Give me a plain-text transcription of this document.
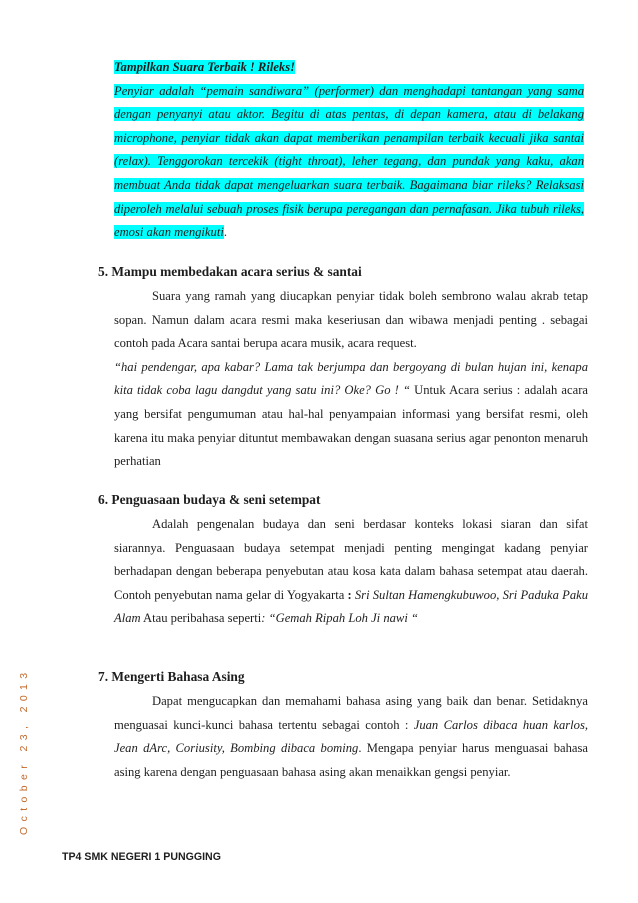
Tampilkan Suara Terbaik ! Rileks!
Penyiar adalah “pemain sandiwara” (performer) dan menghadapi tantangan yang sama dengan penyanyi atau aktor. Begitu di atas pentas, di depan kamera, atau di belakang microphone, penyiar tidak akan dapat memberikan penampilan terbaik kecuali jika santai (relax). Tenggorokan tercekik (tight throat), leher tegang, dan pundak yang kaku, akan membuat Anda tidak dapat mengeluarkan suara terbaik. Bagaimana biar rileks? Relaksasi diperoleh melalui sebuah proses fisik berupa peregangan dan pernafasan. Jika tubuh rileks, emosi akan mengikuti.
5. Mampu membedakan acara serius & santai
Suara yang ramah yang diucapkan penyiar tidak boleh sembrono walau akrab tetap sopan. Namun dalam acara resmi maka keseriusan dan wibawa menjadi penting . sebagai contoh pada Acara santai berupa acara musik, acara request.
“hai pendengar, apa kabar? Lama tak berjumpa dan bergoyang di bulan hujan ini, kenapa kita tidak coba lagu dangdut yang satu ini? Oke? Go ! “ Untuk Acara serius : adalah acara yang bersifat pengumuman atau hal-hal penyampaian informasi yang bersifat resmi, oleh karena itu maka penyiar dituntut membawakan dengan suasana serius agar penonton menaruh perhatian
6. Penguasaan budaya & seni setempat
Adalah pengenalan budaya dan seni berdasar konteks lokasi siaran dan sifat siarannya. Penguasaan budaya setempat menjadi penting mengingat kadang penyiar berhadapan dengan beberapa penyebutan atau kosa kata dalam bahasa setempat atau daerah. Contoh penyebutan nama gelar di Yogyakarta : Sri Sultan Hamengkubuwoo, Sri Paduka Paku Alam Atau peribahasa seperti: “Gemah Ripah Loh Ji nawi “
7. Mengerti Bahasa Asing
Dapat mengucapkan dan memahami bahasa asing yang baik dan benar. Setidaknya menguasai kunci-kunci bahasa tertentu sebagai contoh : Juan Carlos dibaca huan karlos, Jean dArc, Coriusity, Bombing dibaca boming. Mengapa penyiar harus menguasai bahasa asing karena dengan penguasaan bahasa asing akan menaikkan gengsi penyiar.
October 23, 2013
TP4 SMK NEGERI 1 PUNGGING
